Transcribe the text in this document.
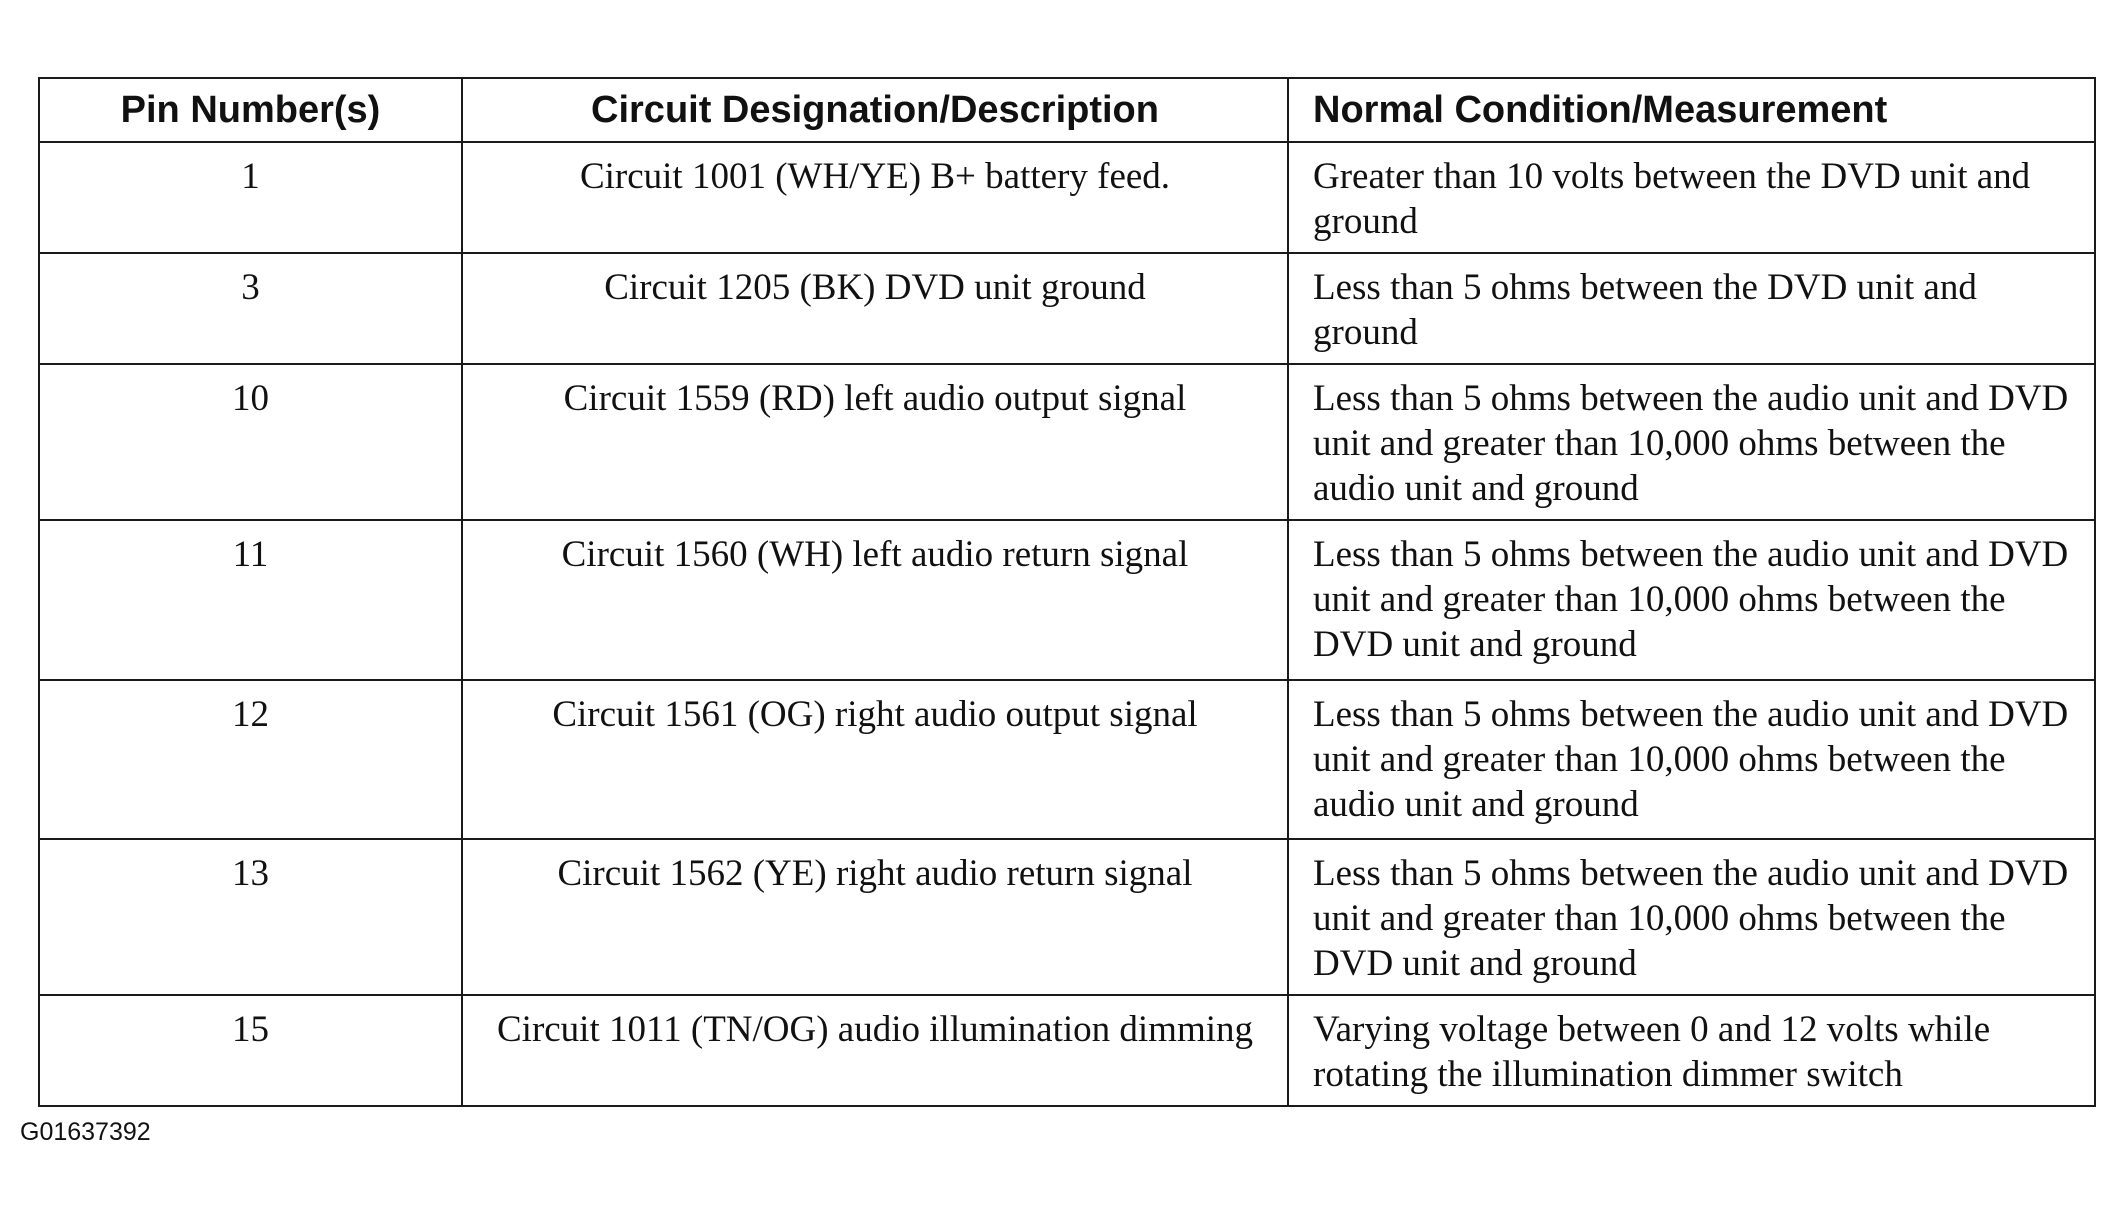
Pin Number(s)	Circuit Designation/Description	Normal Condition/Measurement
1	Circuit 1001 (WH/YE) B+ battery feed.	Greater than 10 volts between the DVD unit and ground
3	Circuit 1205 (BK) DVD unit ground	Less than 5 ohms between the DVD unit and ground
10	Circuit 1559 (RD) left audio output signal	Less than 5 ohms between the audio unit and DVD unit and greater than 10,000 ohms between the audio unit and ground
11	Circuit 1560 (WH) left audio return signal	Less than 5 ohms between the audio unit and DVD unit and greater than 10,000 ohms between the DVD unit and ground
12	Circuit 1561 (OG) right audio output signal	Less than 5 ohms between the audio unit and DVD unit and greater than 10,000 ohms between the audio unit and ground
13	Circuit 1562 (YE) right audio return signal	Less than 5 ohms between the audio unit and DVD unit and greater than 10,000 ohms between the DVD unit and ground
15	Circuit 1011 (TN/OG) audio illumination dimming	Varying voltage between 0 and 12 volts while rotating the illumination dimmer switch
G01637392
